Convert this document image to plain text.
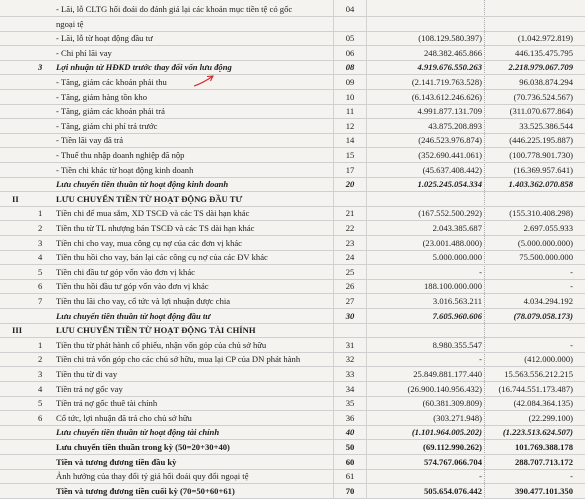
- Lãi, lỗ CLTG hối đoái do đánh giá lại các khoản mục tiền tệ có gốc	04
ngoại tệ
- Lãi, lỗ từ hoạt động đầu tư	05	(108.129.580.397)	(1.042.972.819)
- Chi phí lãi vay	06	248.382.465.866	446.135.475.795
3 Lợi nhuận từ HĐKD trước thay đổi vốn lưu động	08	4.919.676.550.263	2.218.979.067.709
- Tăng, giảm các khoản phải thu	09	(2.141.719.763.528)	96.038.874.294
- Tăng, giảm hàng tồn kho	10	(6.143.612.246.626)	(70.736.524.567)
- Tăng, giảm các khoản phải trả	11	4.991.877.131.709	(311.070.677.864)
- Tăng, giảm chi phí trả trước	12	43.875.208.893	33.525.386.544
- Tiền lãi vay đã trả	14	(246.523.976.874)	(446.225.195.887)
- Thuế thu nhập doanh nghiệp đã nộp	15	(352.690.441.061)	(100.778.901.730)
- Tiền chi khác từ hoạt động kinh doanh	17	(45.637.408.442)	(16.369.957.641)
Lưu chuyển tiền thuần từ hoạt động kinh doanh	20	1.025.245.054.334	1.403.362.070.858
II	LƯU CHUYỂN TIỀN TỪ HOẠT ĐỘNG ĐẦU TƯ
1 Tiền chi để mua sắm, XD TSCĐ và các TS dài hạn khác	21	(167.552.500.292)	(155.310.408.298)
2 Tiền thu từ TL nhượng bán TSCĐ và các TS dài hạn khác	22	2.043.385.687	2.697.055.933
3 Tiền chi cho vay, mua công cụ nợ của các đơn vị khác	23	(23.001.488.000)	(5.000.000.000)
4 Tiền thu hồi cho vay, bán lại các công cụ nợ của các ĐV khác	24	5.000.000.000	75.500.000.000
5 Tiền chi đầu tư góp vốn vào đơn vị khác	25	-	-
6 Tiền thu hồi đầu tư góp vốn vào đơn vị khác	26	188.100.000.000	-
7 Tiền thu lãi cho vay, cổ tức và lợi nhuận được chia	27	3.016.563.211	4.034.294.192
Lưu chuyển tiền thuần từ hoạt động đầu tư	30	7.605.960.606	(78.079.058.173)
III	LƯU CHUYỂN TIỀN TỪ HOẠT ĐỘNG TÀI CHÍNH
1 Tiền thu từ phát hành cổ phiếu, nhận vốn góp của chủ sở hữu	31	8.980.355.547	-
2 Tiền chi trả vốn góp cho các chủ sở hữu, mua lại CP của DN phát hành	32	-	(412.000.000)
3 Tiền thu từ đi vay	33	25.849.881.177.440	15.563.556.212.215
4 Tiền trả nợ gốc vay	34	(26.900.140.956.432)	(16.744.551.173.487)
5 Tiền trả nợ gốc thuê tài chính	35	(60.381.309.809)	(42.084.364.135)
6 Cổ tức, lợi nhuận đã trả cho chủ sở hữu	36	(303.271.948)	(22.299.100)
Lưu chuyển tiền thuần từ hoạt động tài chính	40	(1.101.964.005.202)	(1.223.513.624.507)
Lưu chuyển tiền thuần trong kỳ (50=20+30+40)	50	(69.112.990.262)	101.769.388.178
Tiền và tương đương tiền đầu kỳ	60	574.767.066.704	288.707.713.172
Ảnh hưởng của thay đổi tỷ giá hối đoái quy đổi ngoại tệ	61	-	-
Tiền và tương đương tiền cuối kỳ (70=50+60+61)	70	505.654.076.442	390.477.101.350
